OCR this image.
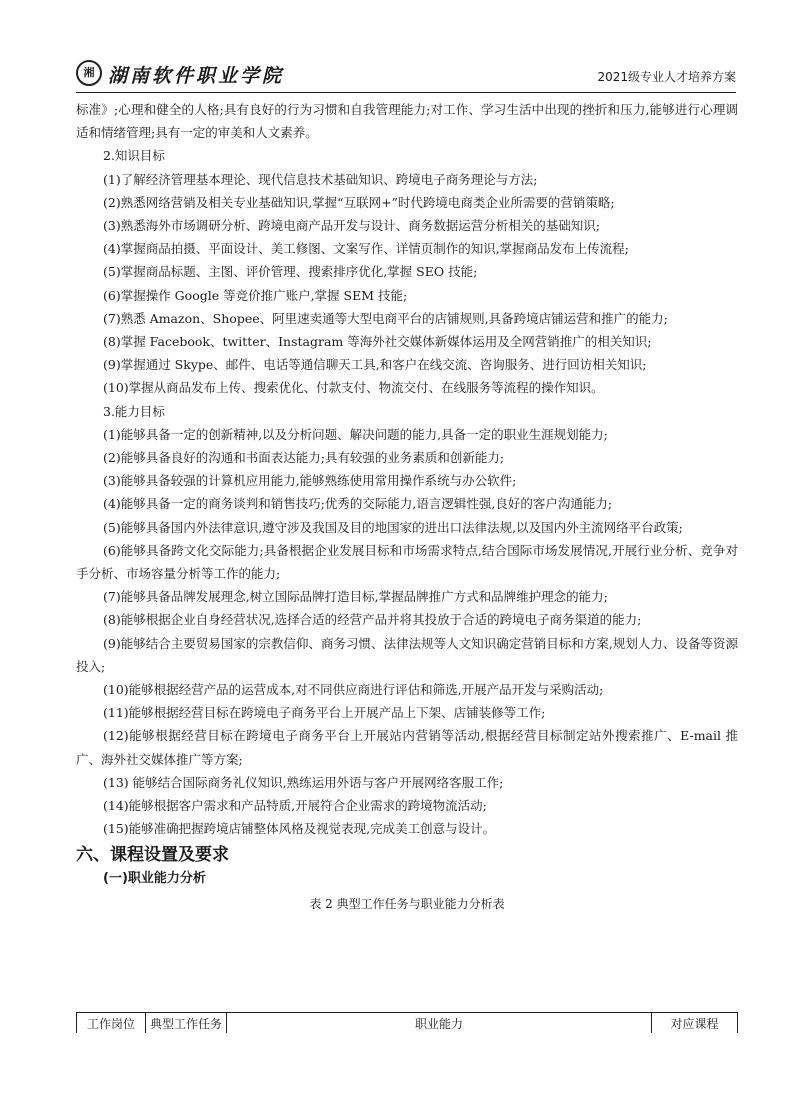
湘 湖南软件职业学院	2021级专业人才培养方案

标准》;心理和健全的人格;具有良好的行为习惯和自我管理能力;对工作、学习生活中出现的挫折和压力,能够进行心理调适和情绪管理;具有一定的审美和人文素养。

2.知识目标

(1)了解经济管理基本理论、现代信息技术基础知识、跨境电子商务理论与方法;

(2)熟悉网络营销及相关专业基础知识,掌握“互联网+”时代跨境电商类企业所需要的营销策略;

(3)熟悉海外市场调研分析、跨境电商产品开发与设计、商务数据运营分析相关的基础知识;

(4)掌握商品拍摄、平面设计、美工修图、文案写作、详情页制作的知识,掌握商品发布上传流程;

(5)掌握商品标题、主图、评价管理、搜索排序优化,掌握 SEO 技能;

(6)掌握操作 Google 等竞价推广账户,掌握 SEM 技能;

(7)熟悉 Amazon、Shopee、阿里速卖通等大型电商平台的店铺规则,具备跨境店铺运营和推广的能力;

(8)掌握 Facebook、twitter、Instagram 等海外社交媒体新媒体运用及全网营销推广的相关知识;

(9)掌握通过 Skype、邮件、电话等通信聊天工具,和客户在线交流、咨询服务、进行回访相关知识;

(10)掌握从商品发布上传、搜索优化、付款支付、物流交付、在线服务等流程的操作知识。

3.能力目标

(1)能够具备一定的创新精神,以及分析问题、解决问题的能力,具备一定的职业生涯规划能力;

(2)能够具备良好的沟通和书面表达能力;具有较强的业务素质和创新能力;

(3)能够具备较强的计算机应用能力,能够熟练使用常用操作系统与办公软件;

(4)能够具备一定的商务谈判和销售技巧;优秀的交际能力,语言逻辑性强,良好的客户沟通能力;

(5)能够具备国内外法律意识,遵守涉及我国及目的地国家的进出口法律法规,以及国内外主流网络平台政策;

(6)能够具备跨文化交际能力;具备根据企业发展目标和市场需求特点,结合国际市场发展情况,开展行业分析、竞争对手分析、市场容量分析等工作的能力;

(7)能够具备品牌发展理念,树立国际品牌打造目标,掌握品牌推广方式和品牌维护理念的能力;

(8)能够根据企业自身经营状况,选择合适的经营产品并将其投放于合适的跨境电子商务渠道的能力;

(9)能够结合主要贸易国家的宗教信仰、商务习惯、法律法规等人文知识确定营销目标和方案,规划人力、设备等资源投入;

(10)能够根据经营产品的运营成本,对不同供应商进行评估和筛选,开展产品开发与采购活动;

(11)能够根据经营目标在跨境电子商务平台上开展产品上下架、店铺装修等工作;

(12)能够根据经营目标在跨境电子商务平台上开展站内营销等活动,根据经营目标制定站外搜索推广、E-mail 推广、海外社交媒体推广等方案;

(13) 能够结合国际商务礼仪知识,熟练运用外语与客户开展网络客服工作;

(14)能够根据客户需求和产品特质,开展符合企业需求的跨境物流活动;

(15)能够准确把握跨境店铺整体风格及视觉表现,完成美工创意与设计。

六、课程设置及要求

(一)职业能力分析

表 2 典型工作任务与职业能力分析表

工作岗位	典型工作任务	职业能力	对应课程
